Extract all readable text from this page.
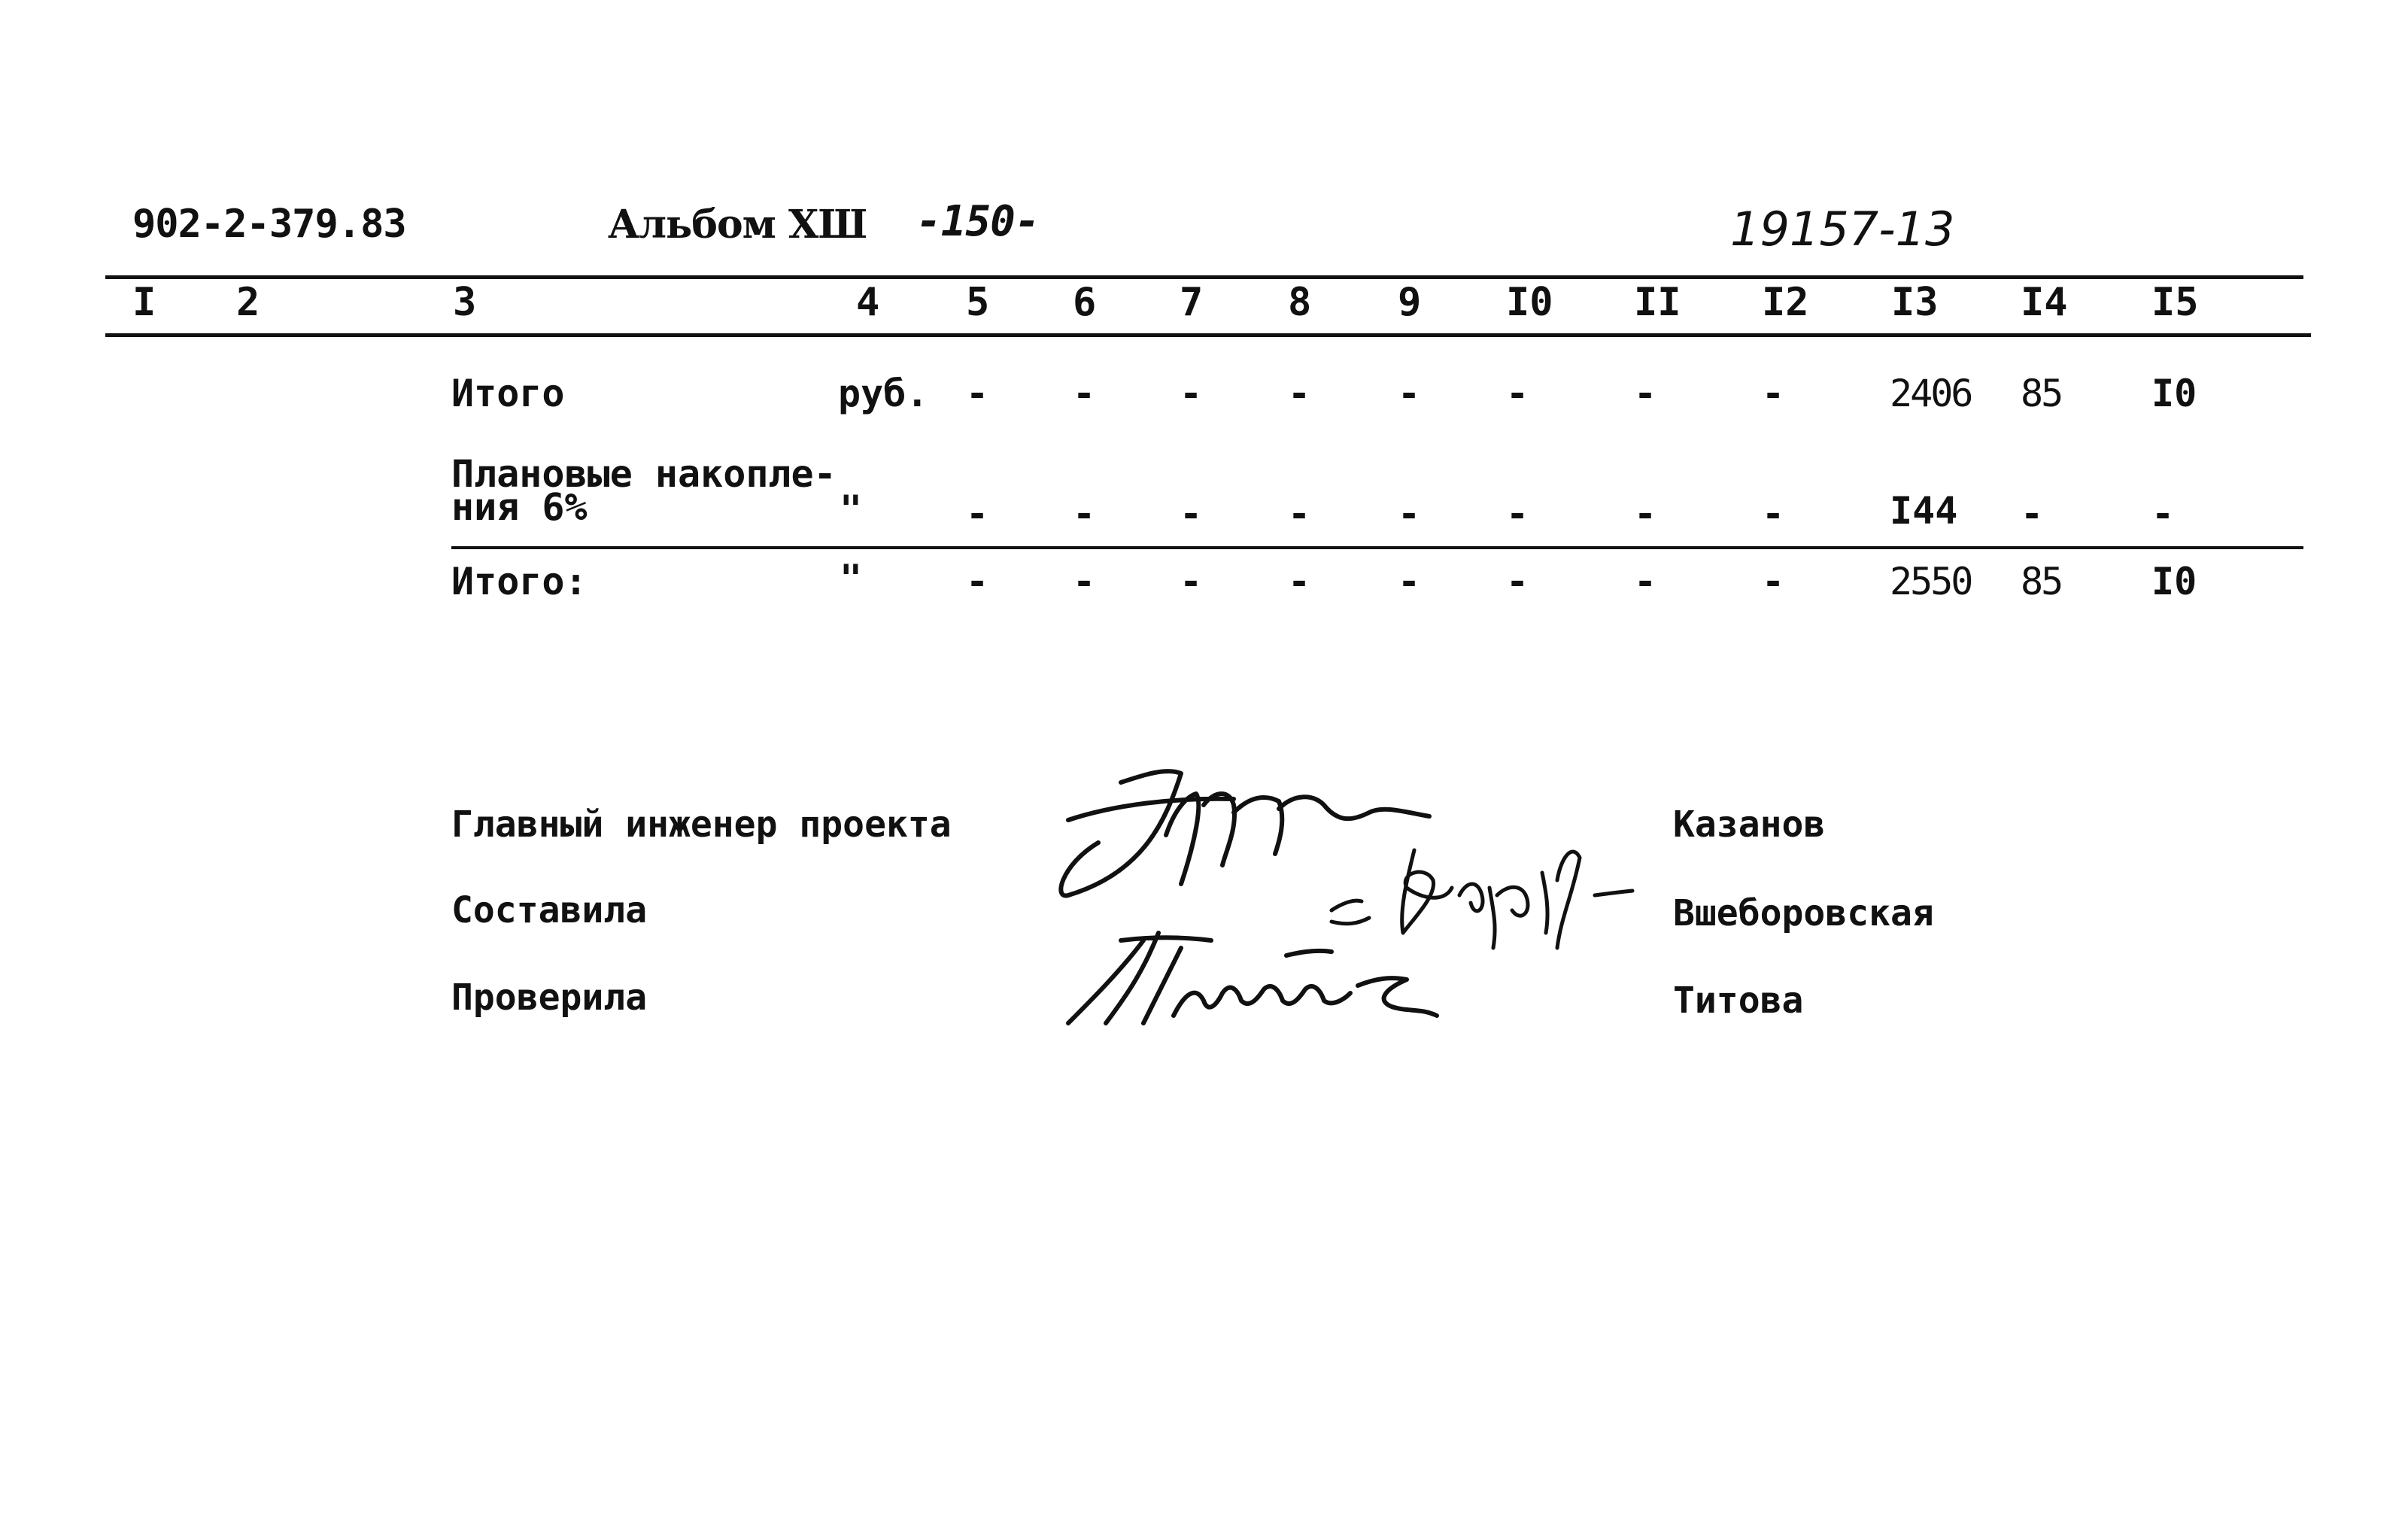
902-2-379.83	Альбом XШ -150-	19157-13
I 2	3	4 5 6 7 8 9 I0 II I2 I3 I4 I5
Итого	руб. - - - - - -	-	-	2406 85 I0
Плановые накопле-
ния 6%	"	- - - - - -	-	-	I44 -	-
Итого:	"	- - - - - -	-	-	2550 85 I0
Главный инженер проекта
Составила
Проверила
Казанов
Вшеборовская
Титова
